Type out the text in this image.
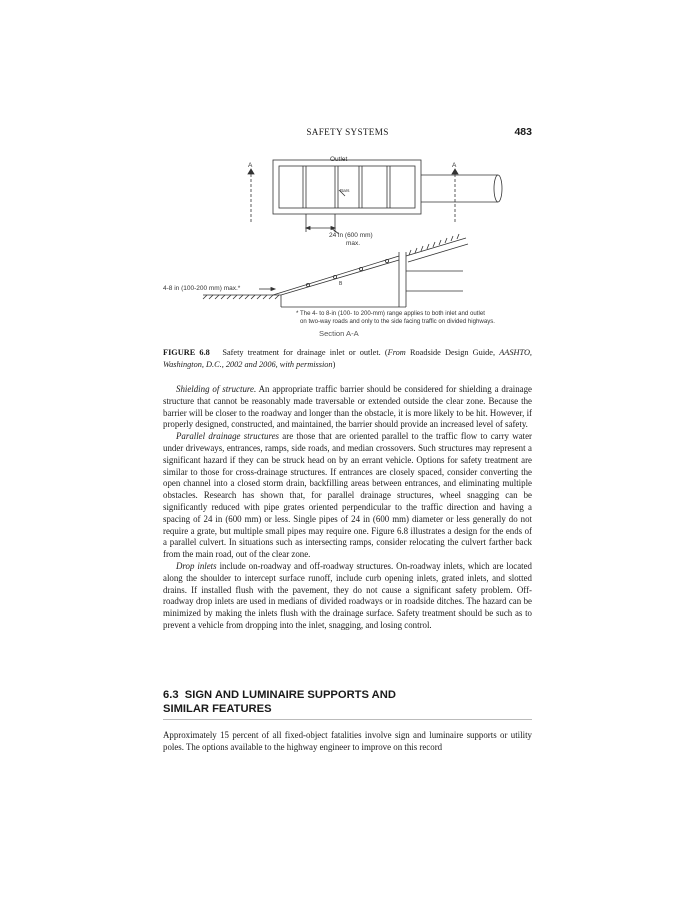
SAFETY SYSTEMS	483
Outlet
A	A
Bars
24 in (600 mm)
max.
4-8 in (100-200 mm) max.*
B
* The 4- to 8-in (100- to 200-mm) range applies to both inlet and outlet
on two-way roads and only to the side facing traffic on divided highways.
Section A-A
FIGURE 6.8 Safety treatment for drainage inlet or outlet. (From Roadside Design Guide, AASHTO, Washington, D.C., 2002 and 2006, with permission)

Shielding of structure. An appropriate traffic barrier should be considered for shielding a drainage structure that cannot be reasonably made traversable or extended outside the clear zone. Because the barrier will be closer to the roadway and longer than the obstacle, it is more likely to be hit. However, if properly designed, constructed, and maintained, the barrier should provide an increased level of safety.

Parallel drainage structures are those that are oriented parallel to the traffic flow to carry water under driveways, entrances, ramps, side roads, and median crossovers. Such structures may represent a significant hazard if they can be struck head on by an errant vehicle. Options for safety treatment are similar to those for cross-drainage structures. If entrances are closely spaced, consider converting the open channel into a closed storm drain, backfilling areas between entrances, and eliminating multiple obstacles. Research has shown that, for parallel drainage structures, wheel snagging can be significantly reduced with pipe grates oriented perpendicular to the traffic direction and having a spacing of 24 in (600 mm) or less. Single pipes of 24 in (600 mm) diameter or less generally do not require a grate, but multiple small pipes may require one. Figure 6.8 illustrates a design for the ends of a parallel culvert. In situations such as intersecting ramps, consider relocating the culvert farther back from the main road, out of the clear zone.

Drop inlets include on-roadway and off-roadway structures. On-roadway inlets, which are located along the shoulder to intercept surface runoff, include curb opening inlets, grated inlets, and slotted drains. If installed flush with the pavement, they do not cause a significant safety problem. Off-roadway drop inlets are used in medians of divided roadways or in roadside ditches. The hazard can be minimized by making the inlets flush with the drainage surface. Safety treatment should be such as to prevent a vehicle from dropping into the inlet, snagging, and losing control.

6.3 SIGN AND LUMINAIRE SUPPORTS AND
SIMILAR FEATURES

Approximately 15 percent of all fixed-object fatalities involve sign and luminaire supports or utility poles. The options available to the highway engineer to improve on this record
